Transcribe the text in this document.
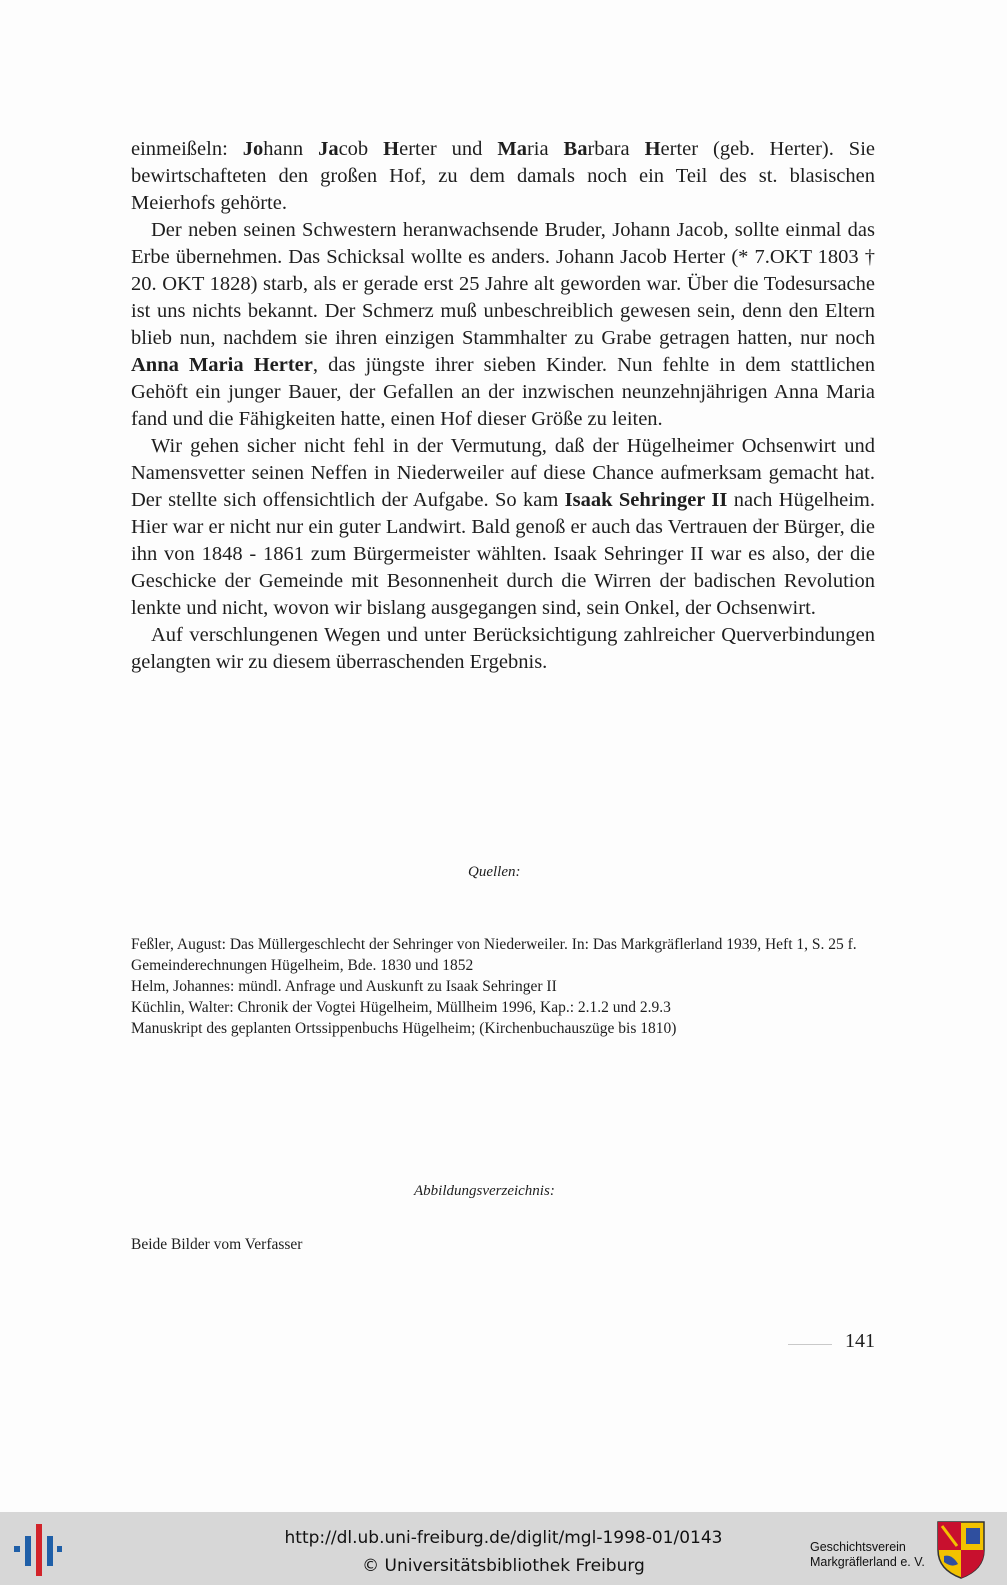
einmeißeln: Johann Jacob Herter und Maria Barbara Herter (geb. Herter). Sie bewirtschafteten den großen Hof, zu dem damals noch ein Teil des st. blasischen Meierhofs gehörte.

Der neben seinen Schwestern heranwachsende Bruder, Johann Jacob, sollte einmal das Erbe übernehmen. Das Schicksal wollte es anders. Johann Jacob Herter (* 7.OKT 1803 † 20. OKT 1828) starb, als er gerade erst 25 Jahre alt geworden war. Über die Todesursache ist uns nichts bekannt. Der Schmerz muß unbeschreiblich gewesen sein, denn den Eltern blieb nun, nachdem sie ihren einzigen Stammhalter zu Grabe getragen hatten, nur noch Anna Maria Herter, das jüngste ihrer sieben Kinder. Nun fehlte in dem stattlichen Gehöft ein junger Bauer, der Gefallen an der inzwischen neunzehnjährigen Anna Maria fand und die Fähigkeiten hatte, einen Hof dieser Größe zu leiten.

Wir gehen sicher nicht fehl in der Vermutung, daß der Hügelheimer Ochsenwirt und Namensvetter seinen Neffen in Niederweiler auf diese Chance aufmerksam gemacht hat. Der stellte sich offensichtlich der Aufgabe. So kam Isaak Sehringer II nach Hügelheim. Hier war er nicht nur ein guter Landwirt. Bald genoß er auch das Vertrauen der Bürger, die ihn von 1848 - 1861 zum Bürgermeister wählten. Isaak Sehringer II war es also, der die Geschicke der Gemeinde mit Besonnenheit durch die Wirren der badischen Revolution lenkte und nicht, wovon wir bislang ausgegangen sind, sein Onkel, der Ochsenwirt.

Auf verschlungenen Wegen und unter Berücksichtigung zahlreicher Querverbindungen gelangten wir zu diesem überraschenden Ergebnis.

Quellen:
Feßler, August: Das Müllergeschlecht der Sehringer von Niederweiler. In: Das Markgräflerland 1939, Heft 1, S. 25 f.
Gemeinderechnungen Hügelheim, Bde. 1830 und 1852
Helm, Johannes: mündl. Anfrage und Auskunft zu Isaak Sehringer II
Küchlin, Walter: Chronik der Vogtei Hügelheim, Müllheim 1996, Kap.: 2.1.2 und 2.9.3
Manuskript des geplanten Ortssippenbuchs Hügelheim; (Kirchenbuchauszüge bis 1810)
Abbildungsverzeichnis:
Beide Bilder vom Verfasser
141
http://dl.ub.uni-freiburg.de/diglit/mgl-1998-01/0143
© Universitätsbibliothek Freiburg
Geschichtsverein
Markgräflerland e. V.
